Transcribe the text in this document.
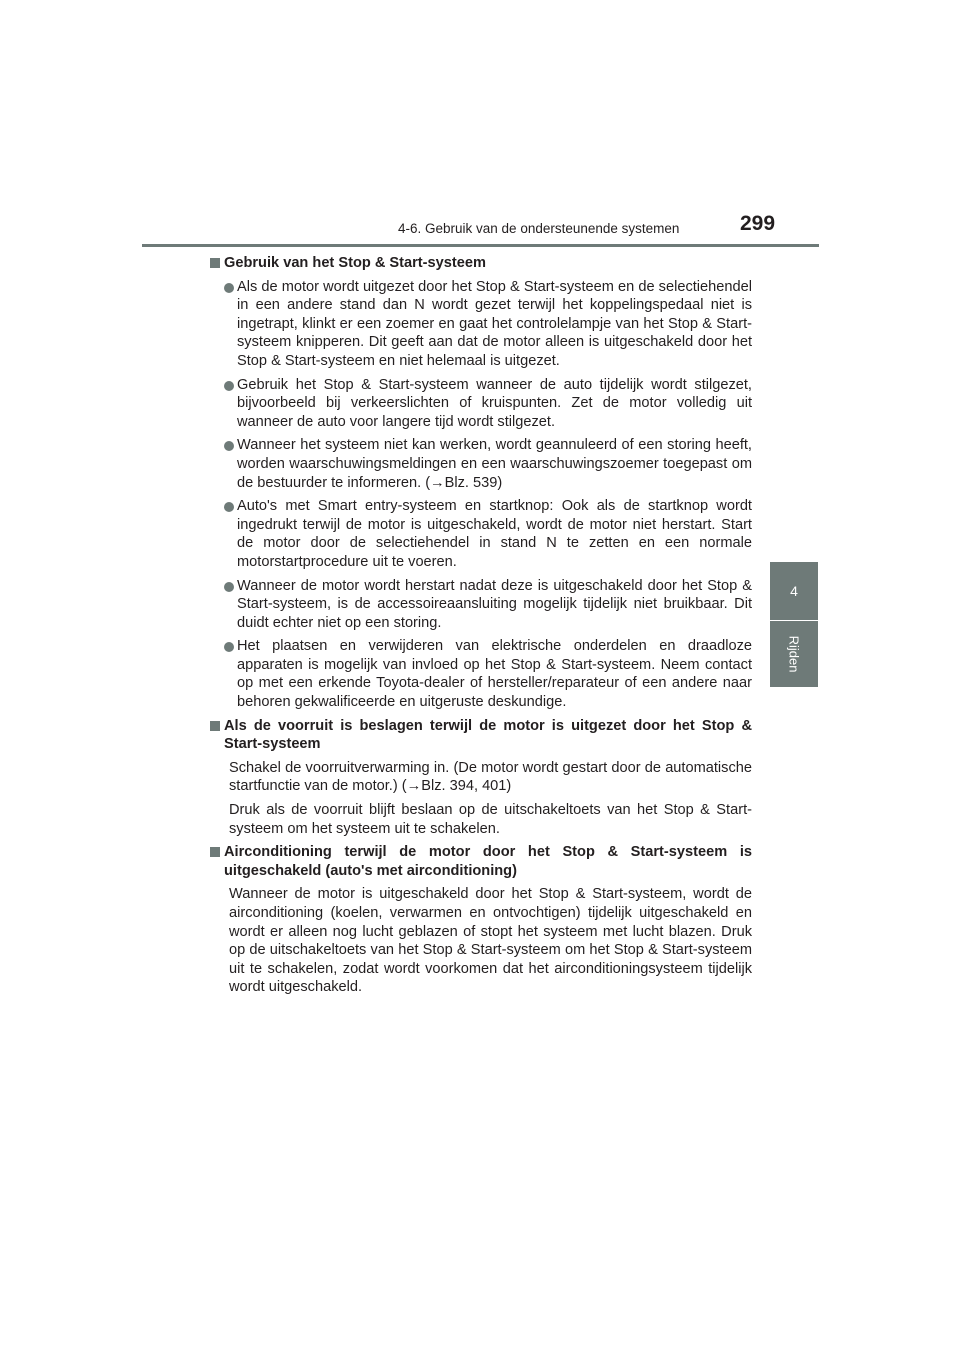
4-6. Gebruik van de ondersteunende systemen	299
4
Rijden
Gebruik van het Stop & Start-systeem
Als de motor wordt uitgezet door het Stop & Start-systeem en de selectiehendel in een andere stand dan N wordt gezet terwijl het koppelingspedaal niet is ingetrapt, klinkt er een zoemer en gaat het controlelampje van het Stop & Start-systeem knipperen. Dit geeft aan dat de motor alleen is uitgeschakeld door het Stop & Start-systeem en niet helemaal is uitgezet.
Gebruik het Stop & Start-systeem wanneer de auto tijdelijk wordt stilgezet, bijvoorbeeld bij verkeerslichten of kruispunten. Zet de motor volledig uit wanneer de auto voor langere tijd wordt stilgezet.
Wanneer het systeem niet kan werken, wordt geannuleerd of een storing heeft, worden waarschuwingsmeldingen en een waarschuwingszoemer toegepast om de bestuurder te informeren. (→Blz. 539)
Auto's met Smart entry-systeem en startknop: Ook als de startknop wordt ingedrukt terwijl de motor is uitgeschakeld, wordt de motor niet herstart. Start de motor door de selectiehendel in stand N te zetten en een normale motorstartprocedure uit te voeren.
Wanneer de motor wordt herstart nadat deze is uitgeschakeld door het Stop & Start-systeem, is de accessoireaansluiting mogelijk tijdelijk niet bruikbaar. Dit duidt echter niet op een storing.
Het plaatsen en verwijderen van elektrische onderdelen en draadloze apparaten is mogelijk van invloed op het Stop & Start-systeem. Neem contact op met een erkende Toyota-dealer of hersteller/reparateur of een andere naar behoren gekwalificeerde en uitgeruste deskundige.
Als de voorruit is beslagen terwijl de motor is uitgezet door het Stop & Start-systeem
Schakel de voorruitverwarming in. (De motor wordt gestart door de automatische startfunctie van de motor.) (→Blz. 394, 401)
Druk als de voorruit blijft beslaan op de uitschakeltoets van het Stop & Start-systeem om het systeem uit te schakelen.
Airconditioning terwijl de motor door het Stop & Start-systeem is uitgeschakeld (auto's met airconditioning)
Wanneer de motor is uitgeschakeld door het Stop & Start-systeem, wordt de airconditioning (koelen, verwarmen en ontvochtigen) tijdelijk uitgeschakeld en wordt er alleen nog lucht geblazen of stopt het systeem met lucht blazen. Druk op de uitschakeltoets van het Stop & Start-systeem om het Stop & Start-systeem uit te schakelen, zodat wordt voorkomen dat het airconditioningsysteem tijdelijk wordt uitgeschakeld.
